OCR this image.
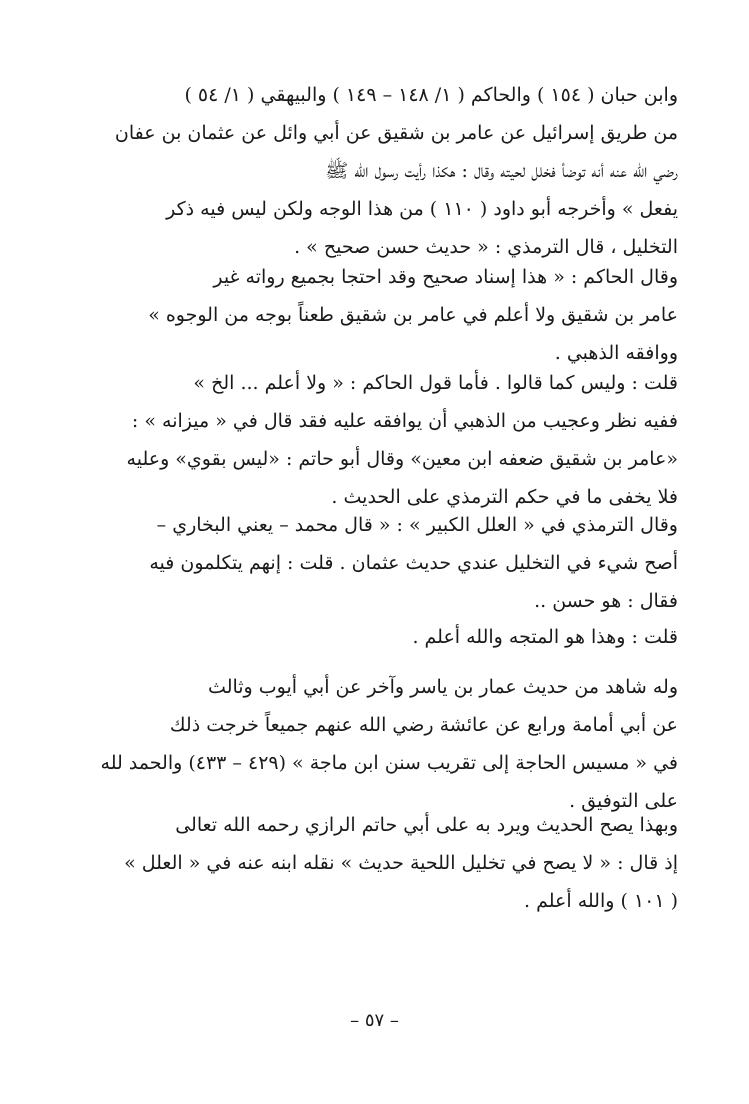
وابن حبان ( ١٥٤ ) والحاكم ( ١/ ١٤٨ – ١٤٩ ) والبيهقي ( ١/ ٥٤ )
من طريق إسرائيل عن عامر بن شقيق عن أبي وائل عن عثمان بن عفان
رضي الله عنه أنه توضأ فخلل لحيته وقال : هكذا رأيت رسول الله ﷺ
يفعل » وأخرجه أبو داود ( ١١٠ ) من هذا الوجه ولكن ليس فيه ذكر
التخليل ، قال الترمذي : « حديث حسن صحيح » .
وقال الحاكم : « هذا إسناد صحيح وقد احتجا بجميع رواته غير
عامر بن شقيق ولا أعلم في عامر بن شقيق طعناً بوجه من الوجوه »
ووافقه الذهبي .
قلت : وليس كما قالوا . فأما قول الحاكم : « ولا أعلم ... الخ »
ففيه نظر وعجيب من الذهبي أن يوافقه عليه فقد قال في « ميزانه » :
«عامر بن شقيق ضعفه ابن معين» وقال أبو حاتم : «ليس بقوي» وعليه
فلا يخفى ما في حكم الترمذي على الحديث .
وقال الترمذي في « العلل الكبير » : « قال محمد – يعني البخاري –
أصح شيء في التخليل عندي حديث عثمان . قلت : إنهم يتكلمون فيه
فقال : هو حسن ..
قلت : وهذا هو المتجه والله أعلم .
وله شاهد من حديث عمار بن ياسر وآخر عن أبي أيوب وثالث
عن أبي أمامة ورابع عن عائشة رضي الله عنهم جميعاً خرجت ذلك
في « مسيس الحاجة إلى تقريب سنن ابن ماجة » (٤٢٩ – ٤٣٣) والحمد لله
على التوفيق .
وبهذا يصح الحديث ويرد به على أبي حاتم الرازي رحمه الله تعالى
إذ قال : « لا يصح في تخليل اللحية حديث » نقله ابنه عنه في « العلل »
( ١٠١ ) والله أعلم .
– ٥٧ –
